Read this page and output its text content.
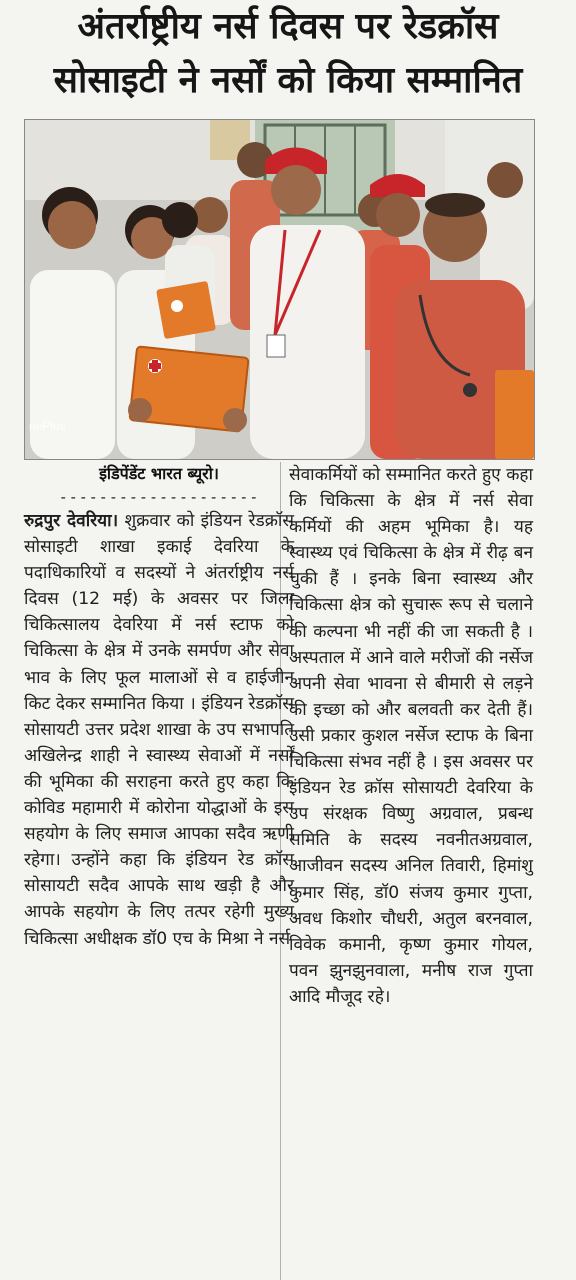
अंतर्राष्ट्रीय नर्स दिवस पर रेडक्रॉस
सोसाइटी ने नर्सों को किया सम्मानित
nePlus
इंडिपेंडेंट भारत ब्यूरो।
--------------------

रुद्रपुर देवरिया। शुक्रवार को इंडियन रेडक्रॉस सोसाइटी शाखा इकाई देवरिया के पदाधिकारियों व सदस्यों ने अंतर्राष्ट्रीय नर्स दिवस (12 मई) के अवसर पर जिला चिकित्सालय देवरिया में नर्स स्टाफ को चिकित्सा के क्षेत्र में उनके समर्पण और सेवा भाव के लिए फूल मालाओं से व हाईजीन किट देकर सम्मानित किया । इंडियन रेडक्रॉस सोसायटी उत्तर प्रदेश शाखा के उप सभापति अखिलेन्द्र शाही ने स्वास्थ्य सेवाओं में नर्सों की भूमिका की सराहना करते हुए कहा कि कोविड महामारी में कोरोना योद्धाओं के इस सहयोग के लिए समाज आपका सदैव ऋणी रहेगा। उन्होंने कहा कि इंडियन रेड क्रॉस सोसायटी सदैव आपके साथ खड़ी है और आपके सहयोग के लिए तत्पर रहेगी मुख्य चिकित्सा अधीक्षक डॉ0 एच के मिश्रा ने नर्स

सेवाकर्मियों को सम्मानित करते हुए कहा कि चिकित्सा के क्षेत्र में नर्स सेवा कर्मियों की अहम भूमिका है। यह स्वास्थ्य एवं चिकित्सा के क्षेत्र में रीढ़ बन चुकी हैं । इनके बिना स्वास्थ्य और चिकित्सा क्षेत्र को सुचारू रूप से चलाने की कल्पना भी नहीं की जा सकती है । अस्पताल में आने वाले मरीजों की नर्सेज अपनी सेवा भावना से बीमारी से लड़ने की इच्छा को और बलवती कर देती हैं।उसी प्रकार कुशल नर्सेज स्टाफ के बिना चिकित्सा संभव नहीं है । इस अवसर पर इंडियन रेड क्रॉस सोसायटी देवरिया के उप संरक्षक विष्णु अग्रवाल, प्रबन्ध समिति के सदस्य नवनीतअग्रवाल, आजीवन सदस्य अनिल तिवारी, हिमांशु कुमार सिंह, डॉ0 संजय कुमार गुप्ता, अवध किशोर चौधरी, अतुल बरनवाल, विवेक कमानी, कृष्ण कुमार गोयल, पवन झुनझुनवाला, मनीष राज गुप्ता आदि मौजूद रहे।
